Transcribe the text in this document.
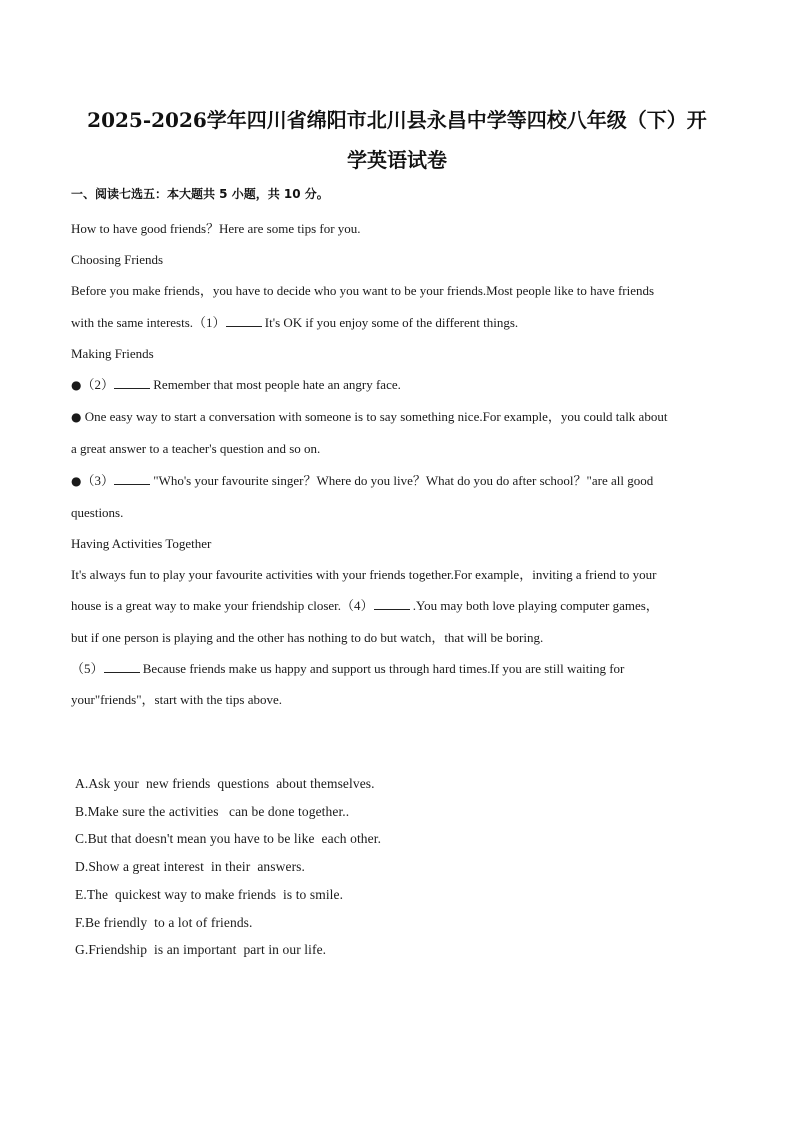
2025-2026学年四川省绵阳市北川县永昌中学等四校八年级（下）开
学英语试卷
一、阅读七选五：本大题共 5 小题，共 10 分。

How to have good friends？Here are some tips for you.

Choosing Friends

Before you make friends，you have to decide who you want to be your friends.Most people like to have friends

with the same interests.（1）	It's OK if you enjoy some of the different things.

Making Friends

●（2）	Remember that most people hate an angry face.

● One easy way to start a conversation with someone is to say something nice.For example，you could talk about

a great answer to a teacher's question and so on.

●（3）	"Who's your favourite singer？Where do you live？What do you do after school？"are all good

questions.

Having Activities Together

It's always fun to play your favourite activities with your friends together.For example，inviting a friend to your

house is a great way to make your friendship closer.（4）	.You may both love playing computer games，

but if one person is playing and the other has nothing to do but watch，that will be boring.

（5）	Because friends make us happy and support us through hard times.If you are still waiting for

your"friends"，start with the tips above.

A.Ask your  new friends  questions  about themselves.

B.Make sure the activities   can be done together..

C.But that doesn't mean you have to be like  each other.

D.Show a great interest  in their  answers.

E.The  quickest way to make friends  is to smile.

F.Be friendly  to a lot of friends.

G.Friendship  is an important  part in our life.
